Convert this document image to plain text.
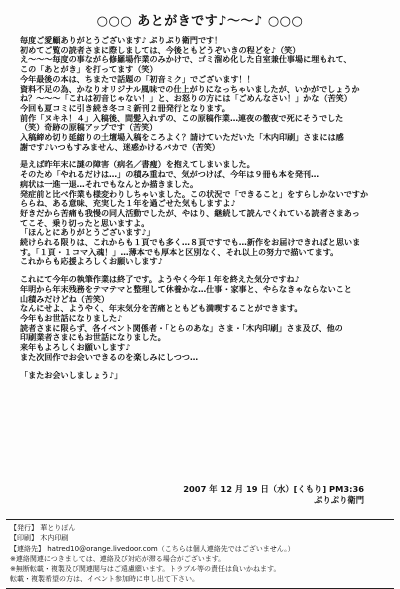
○○○ あとがきです♪～～♪ ○○○
毎度ご愛顧ありがとうございます♪ ぷりぷり衛門です！
初めてご覧の読者さまに際しましては、今後ともどうぞいきの程どを♪（笑）
え～～～毎度の事ながら修羅場作業のみかけで、ゴミ溜め化した自室兼仕事場に埋もれて、
この「あとがき」を打ってます（笑）
今年最後の本は、ちまたで話題の「初音ミク」でございます！！
資料不足の為、かなりオリジナル風味での仕上がりになっちゃいましたが、いかがでしょうか
ね？～～～「これは初音じゃない！」と、お怒りの方には「ごめんなさい！」かな（苦笑）
今回も夏コミに引き続き冬コミ新刊２冊発行となります。
前作「ヌキネ！４」入稿後、間髪入れずの、この原稿作業…連夜の徹夜で死にそうでした
（笑）奇跡の原稿アップです（苦笑）
入稿締め切り延縮りの土壇場入稿をころよく？請けていただいた「木内印刷」さまには感
謝です♪いつもすみません、迷惑かけるバカで（苦笑）
是えば昨年末に謎の障害（病名／書痩）を抱えてしまいました。
そのため「やれるだけは…」の積み重ねで、気がつけば、今年は９冊も本を発刊…
病状は一進一退…それでもなんとか描きました。
発症前と比べ作業も様変わりしちゃいました。この状況で「できること」をすらしかないですか
ららね、ある意味、充実した１年を過ごせた気もしますよ♪
好きだから苦痛も我慢の同人活動でしたが、やはり、継続して読んでくれている読者さまあっ
てこそ、乗り切ったと思いますよ。
「ほんとにありがとうございます♪」
続けられる限りは、これからも１頁でも多く…８頁ですでも…新作をお届けできればと思いま
す。「１頁・１コマ入魂！」…薄本でも厚本と区別なく、それ以上の努力で描いてます。
これからも応援よろしくお願いします♪
これにて今年の執筆作業は終了です。ようやく今年１年を終えた気分ですね♪
年明から年末残務をテマテマと整理して休養かな…仕事・家事と、やらなきゃならないこと
山積みだけどね（苦笑）
なんにせよ、ようやく、年末気分を苦痛とともども満喫することができます。
今年もお世話になりました♪
読者さまに限らず、各イベント関係者・「とらのあな」さま・「木内印刷」さま及び、他の
印刷業者さまにもお世話になりました。
来年もよろしくお願いします♪
また次回作でお会いできるのを楽しみにしつつ…
「またお会いしましょう♪」
2007 年 12 月 19 日（水）[くもり] PM3:36
ぷりぷり衛門
【発行】 華とりぽん
【印刷】 木内印刷
【連絡先】 hatred10@orange.livedoor.com（こちらは個人連絡先ではございません。）
※連絡関連につきましては、連絡及び対応が滞る場合がございます。
※無断転載・複製及び関連閲与はご遠慮願います。トラブル等の責任は負いかねます。
転載・複製希望の方は、イベント参加時に申し出て下さい。
